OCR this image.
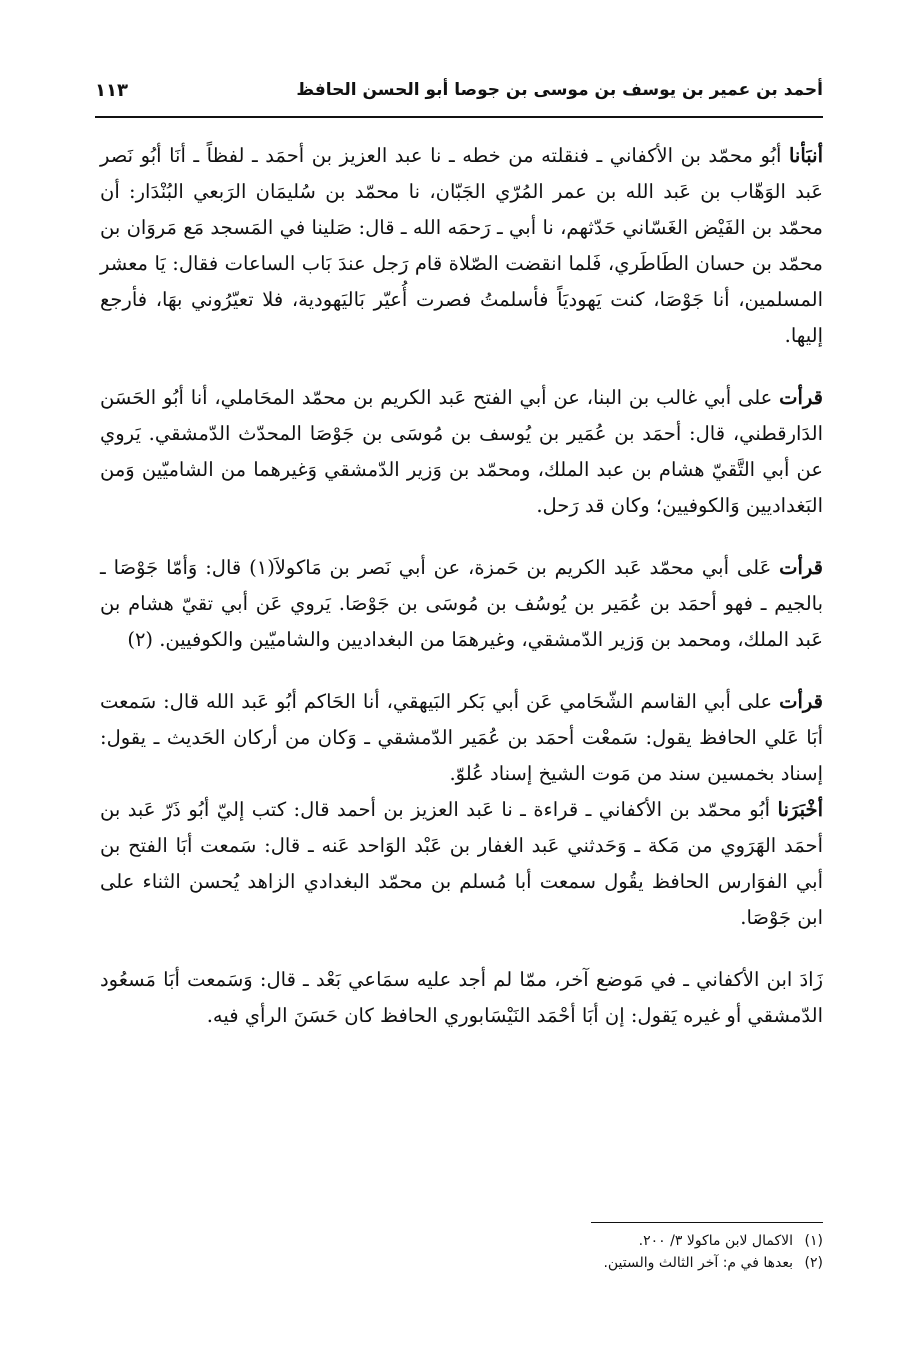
أحمد بن عمير بن يوسف بن موسى بن جوصا أبو الحسن الحافظ
١١٣

أنبَأنا أبُو محمّد بن الأكفاني ـ فنقلته من خطه ـ نا عبد العزيز بن أحمَد ـ لفظاً ـ أنَا أبُو نَصر عَبد الوَهّاب بن عَبد الله بن عمر المُرّي الجَبّان، نا محمّد بن سُليمَان الرَبعي البُنْدَار: أن محمّد بن الفَيْض الغَسّاني حَدّثهم، نا أبي ـ رَحمَه الله ـ قال: صَلينا في المَسجد مَع مَروَان بن محمّد بن حسان الطَاطَري، فَلما انقضت الصّلاة قام رَجل عندَ بَاب الساعات فقال: يَا معشر المسلمين، أنا جَوْصَا، كنت يَهوديَاً فأسلمتُ فصرت أُعيّر بَاليَهودية، فلا تعيّرُوني بهَا، فأرجع إليها.

قرأت على أبي غالب بن البنا، عن أبي الفتح عَبد الكريم بن محمّد المحَاملي، أنا أبُو الحَسَن الدَارقطني، قال: أحمَد بن عُمَير بن يُوسف بن مُوسَى بن جَوْصَا المحدّث الدّمشقي. يَروي عن أبي التَّقيّ هشام بن عبد الملك، ومحمّد بن وَزير الدّمشقي وَغيرهما من الشاميّين وَمن البَغداديين وَالكوفيين؛ وكان قد رَحل.

قرأت عَلى أبي محمّد عَبد الكريم بن حَمزة، عن أبي نَصر بن مَاكولاَ(١) قال: وَأمّا جَوْصَا ـ بالجيم ـ فهو أحمَد بن عُمَير بن يُوسُف بن مُوسَى بن جَوْصَا. يَروي عَن أبي تقيّ هشام بن عَبد الملك، ومحمد بن وَزير الدّمشقي، وغيرهمَا من البغداديين والشاميّين والكوفيين. (٢)

قرأت على أبي القاسم الشّحَامي عَن أبي بَكر البَيهقي، أنا الحَاكم أبُو عَبد الله قال: سَمعت أبَا عَلي الحافظ يقول: سَمعْت أحمَد بن عُمَير الدّمشقي ـ وَكان من أركان الحَديث ـ يقول: إسناد بخمسين سند من مَوت الشيخ إسناد عُلوّ.

أخْبَرَنا أبُو محمّد بن الأكفاني ـ قراءة ـ نا عَبد العزيز بن أحمد قال: كتب إليّ أبُو ذَرّ عَبد بن أحمَد الهَرَوي من مَكة ـ وَحَدثني عَبد الغفار بن عَبْد الوَاحد عَنه ـ قال: سَمعت أبَا الفتح بن أبي الفوَارس الحافظ يقُول سمعت أبا مُسلم بن محمّد البغدادي الزاهد يُحسن الثناء على ابن جَوْصَا.

زَادَ ابن الأكفاني ـ في مَوضع آخر، ممّا لم أجد عليه سمَاعي بَعْد ـ قال: وَسَمعت أبَا مَسعُود الدّمشقي أو غيره يَقول: إن أبَا أحْمَد النَيْسَابوري الحافظ كان حَسَنَ الرأي فيه.

(١)الاكمال لابن ماكولا ٣/ ٢٠٠.
(٢)بعدها في م: آخر الثالث والستين.
